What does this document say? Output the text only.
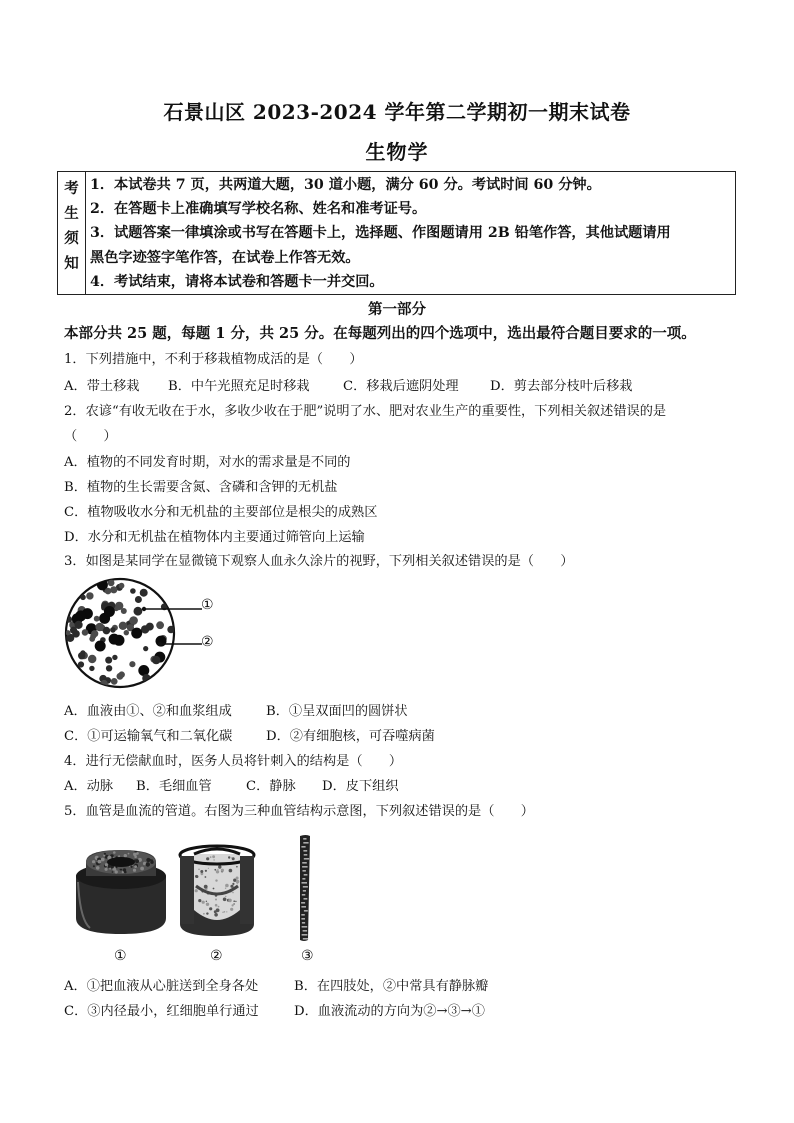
石景山区 2023-2024 学年第二学期初一期末试卷
生物学
考
生
须
知
1．本试卷共 7 页，共两道大题，30 道小题，满分 60 分。考试时间 60 分钟。
2．在答题卡上准确填写学校名称、姓名和准考证号。
3．试题答案一律填涂或书写在答题卡上，选择题、作图题请用 2B 铅笔作答，其他试题请用
黑色字迹签字笔作答，在试卷上作答无效。
4．考试结束，请将本试卷和答题卡一并交回。
第一部分
本部分共 25 题，每题 1 分，共 25 分。在每题列出的四个选项中，选出最符合题目要求的一项。
1．下列措施中，不利于移栽植物成活的是（　　）
A．带土移栽 B．中午光照充足时移栽	C．移栽后遮阴处理 D．剪去部分枝叶后移栽
2．农谚“有收无收在于水，多收少收在于肥”说明了水、肥对农业生产的重要性，下列相关叙述错误的是
（　　）
A．植物的不同发育时期，对水的需求量是不同的
B．植物的生长需要含氮、含磷和含钾的无机盐
C．植物吸收水分和无机盐的主要部位是根尖的成熟区
D．水分和无机盐在植物体内主要通过筛管向上运输
3．如图是某同学在显微镜下观察人血永久涂片的视野，下列相关叙述错误的是（　　）
①
②
A．血液由①、②和血浆组成	B．①呈双面凹的圆饼状
C．①可运输氧气和二氧化碳	D．②有细胞核，可吞噬病菌
4．进行无偿献血时，医务人员将针刺入的结构是（　　）
A．动脉 B．毛细血管	C．静脉 D．皮下组织
5．血管是血流的管道。右图为三种血管结构示意图，下列叙述错误的是（　　）
①	②	③
A．①把血液从心脏送到全身各处	B．在四肢处，②中常具有静脉瓣
C．③内径最小，红细胞单行通过	D．血液流动的方向为②→③→①
